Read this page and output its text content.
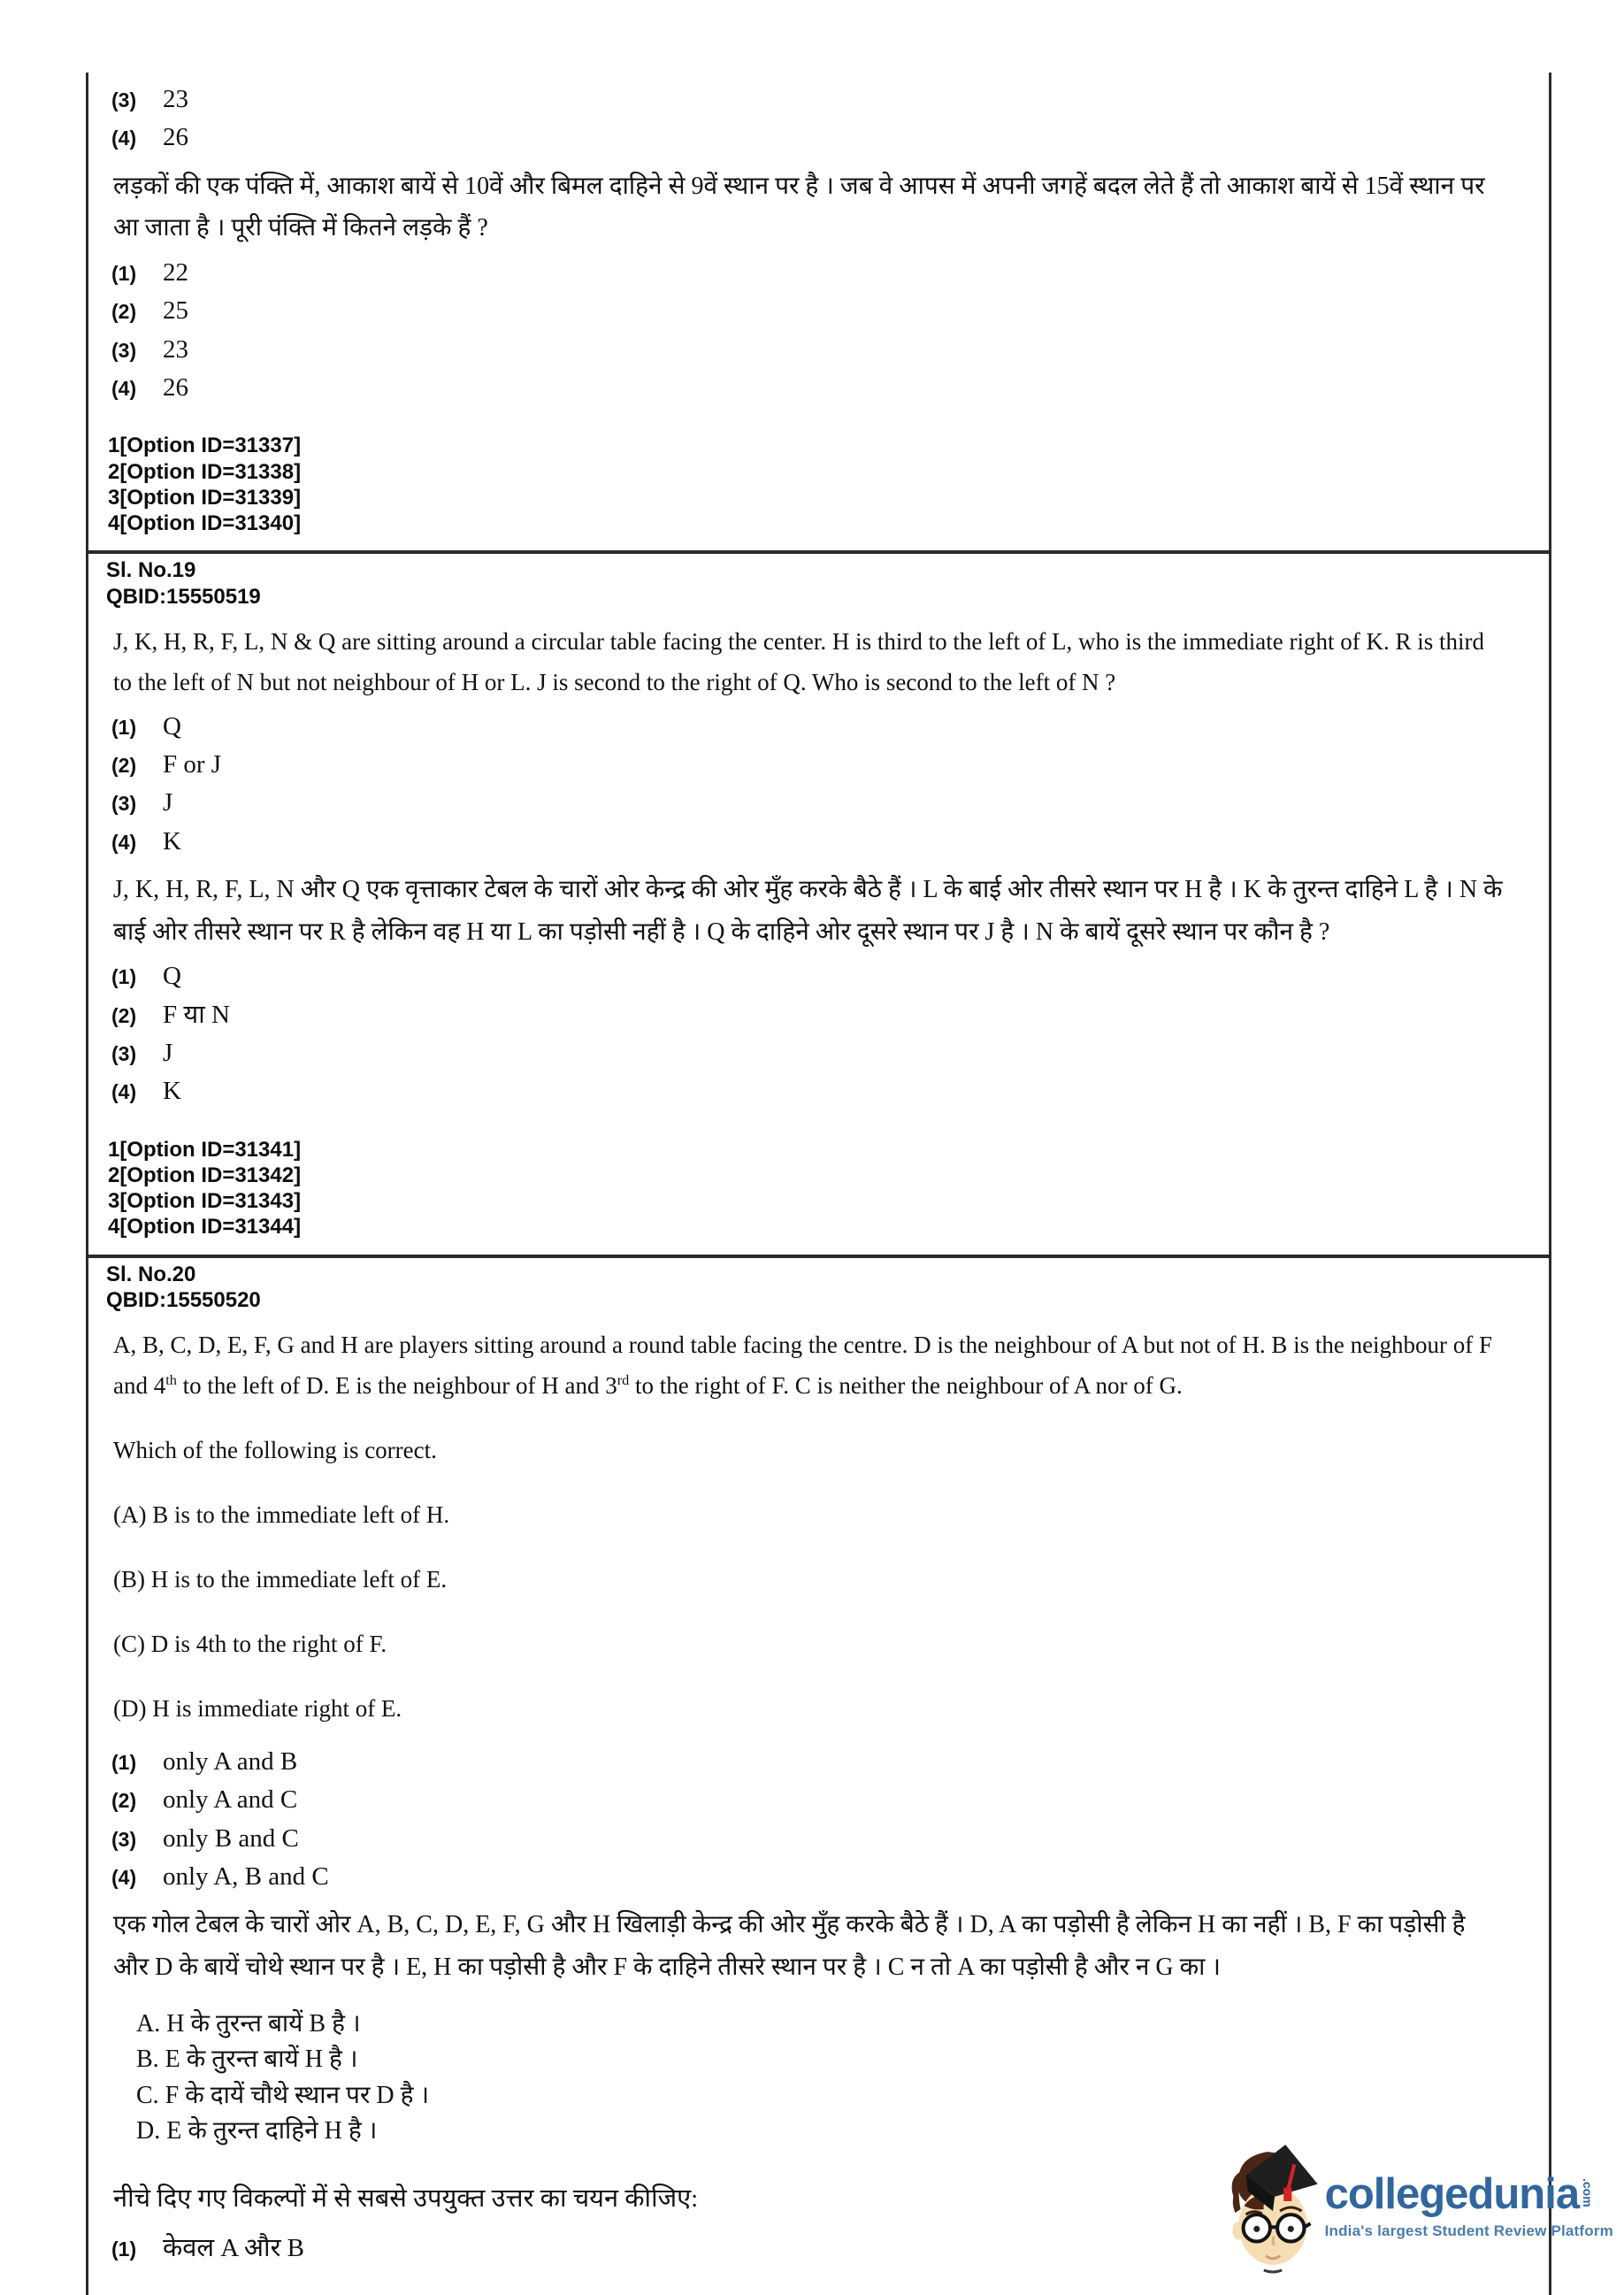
(3)	23
(4)	26

लड़कों की एक पंक्ति में, आकाश बायें से 10वें और बिमल दाहिने से 9वें स्थान पर है । जब वे आपस में अपनी जगहें बदल लेते हैं तो आकाश बायें से 15वें स्थान पर आ जाता है । पूरी पंक्ति में कितने लड़के हैं ?

(1)	22
(2)	25
(3)	23
(4)	26
1[Option ID=31337]
2[Option ID=31338]
3[Option ID=31339]
4[Option ID=31340]
Sl. No.19
QBID:15550519

J, K, H, R, F, L, N & Q are sitting around a circular table facing the center. H is third to the left of L, who is the immediate right of K. R is third to the left of N but not neighbour of H or L. J is second to the right of Q. Who is second to the left of N ?

(1)	Q
(2)	F or J
(3)	J
(4)	K

J, K, H, R, F, L, N और Q एक वृत्ताकार टेबल के चारों ओर केन्द्र की ओर मुँह करके बैठे हैं । L के बाई ओर तीसरे स्थान पर H है । K के तुरन्त दाहिने L है । N के बाई ओर तीसरे स्थान पर R है लेकिन वह H या L का पड़ोसी नहीं है । Q के दाहिने ओर दूसरे स्थान पर J है । N के बायें दूसरे स्थान पर कौन है ?

(1)	Q
(2)	F या N
(3)	J
(4)	K
1[Option ID=31341]
2[Option ID=31342]
3[Option ID=31343]
4[Option ID=31344]
Sl. No.20
QBID:15550520

A, B, C, D, E, F, G and H are players sitting around a round table facing the centre. D is the neighbour of A but not of H. B is the neighbour of F and 4th to the left of D. E is the neighbour of H and 3rd to the right of F. C is neither the neighbour of A nor of G.

Which of the following is correct.
(A) B is to the immediate left of H.
(B) H is to the immediate left of E.
(C) D is 4th to the right of F.
(D) H is immediate right of E.
(1)	only A and B
(2)	only A and C
(3)	only B and C
(4)	only A, B and C

एक गोल टेबल के चारों ओर A, B, C, D, E, F, G और H खिलाड़ी केन्द्र की ओर मुँह करके बैठे हैं । D, A का पड़ोसी है लेकिन H का नहीं । B, F का पड़ोसी है और D के बायें चोथे स्थान पर है । E, H का पड़ोसी है और F के दाहिने तीसरे स्थान पर है । C न तो A का पड़ोसी है और न G का ।

A. H के तुरन्त बायें B है ।
B. E के तुरन्त बायें H है ।
C. F के दायें चौथे स्थान पर D है ।
D. E के तुरन्त दाहिने H है ।
नीचे दिए गए विकल्पों में से सबसे उपयुक्त उत्तर का चयन कीजिए:
(1)	केवल A और B
collegedunia .com
India's largest Student Review Platform
